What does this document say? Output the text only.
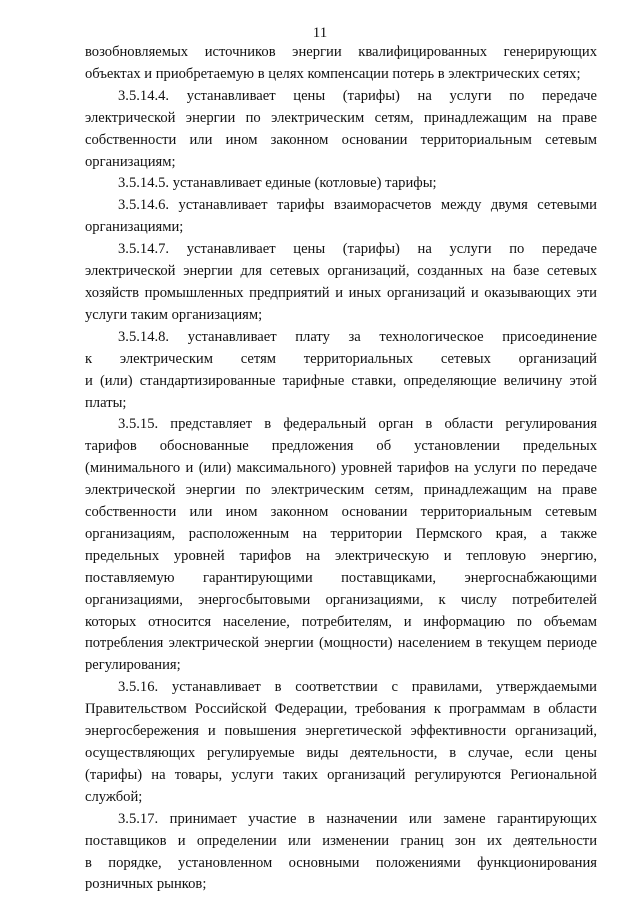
11
возобновляемых источников энергии квалифицированных генерирующих
объектах и приобретаемую в целях компенсации потерь в электрических сетях;
3.5.14.4. устанавливает цены (тарифы) на услуги по передаче
электрической энергии по электрическим сетям, принадлежащим на праве
собственности или ином законном основании территориальным сетевым
организациям;
3.5.14.5. устанавливает единые (котловые) тарифы;
3.5.14.6. устанавливает тарифы взаиморасчетов между двумя сетевыми
организациями;
3.5.14.7. устанавливает цены (тарифы) на услуги по передаче
электрической энергии для сетевых организаций, созданных на базе сетевых
хозяйств промышленных предприятий и иных организаций и оказывающих эти
услуги таким организациям;
3.5.14.8. устанавливает плату за технологическое присоединение
к электрическим сетям территориальных сетевых организаций
и (или) стандартизированные тарифные ставки, определяющие величину этой
платы;
3.5.15. представляет в федеральный орган в области регулирования
тарифов обоснованные предложения об установлении предельных
(минимального и (или) максимального) уровней тарифов на услуги по передаче
электрической энергии по электрическим сетям, принадлежащим на праве
собственности или ином законном основании территориальным сетевым
организациям, расположенным на территории Пермского края, а также
предельных уровней тарифов на электрическую и тепловую энергию,
поставляемую гарантирующими поставщиками, энергоснабжающими
организациями, энергосбытовыми организациями, к числу потребителей
которых относится население, потребителям, и информацию по объемам
потребления электрической энергии (мощности) населением в текущем периоде
регулирования;
3.5.16. устанавливает в соответствии с правилами, утверждаемыми
Правительством Российской Федерации, требования к программам в области
энергосбережения и повышения энергетической эффективности организаций,
осуществляющих регулируемые виды деятельности, в случае, если цены
(тарифы) на товары, услуги таких организаций регулируются Региональной
службой;
3.5.17. принимает участие в назначении или замене гарантирующих
поставщиков и определении или изменении границ зон их деятельности
в порядке, установленном основными положениями функционирования
розничных рынков;
